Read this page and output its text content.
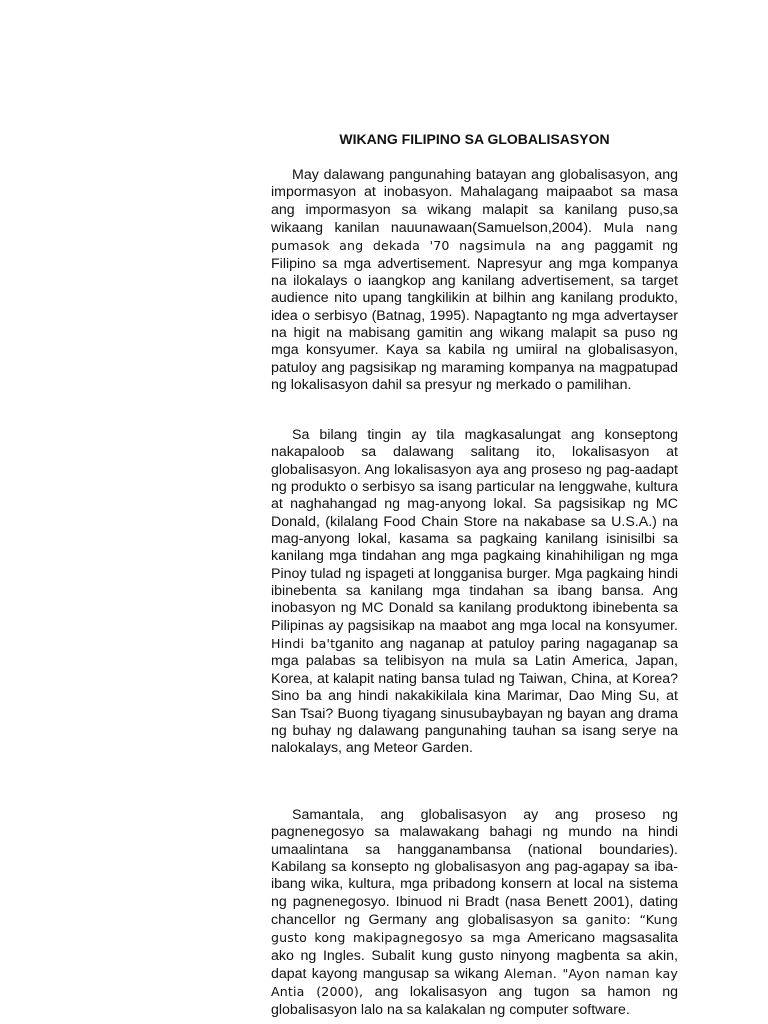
WIKANG FILIPINO SA GLOBALISASYON

May dalawang pangunahing batayan ang globalisasyon, ang impormasyon at inobasyon. Mahalagang maipaabot sa masa ang impormasyon sa wikang malapit sa kanilang puso,sa wikaang kanilan nauunawaan(Samuelson,2004). Mula nang pumasok ang dekada '70 nagsimula na ang paggamit ng Filipino sa mga advertisement. Napresyur ang mga kompanya na ilokalays o iaangkop ang kanilang advertisement, sa target audience nito upang tangkilikin at bilhin ang kanilang produkto, idea o serbisyo (Batnag, 1995). Napagtanto ng mga advertayser na higit na mabisang gamitin ang wikang malapit sa puso ng mga konsyumer. Kaya sa kabila ng umiiral na globalisasyon, patuloy ang pagsisikap ng maraming kompanya na magpatupad ng lokalisasyon dahil sa presyur ng merkado o pamilihan.

Sa bilang tingin ay tila magkasalungat ang konseptong nakapaloob sa dalawang salitang ito, lokalisasyon at globalisasyon. Ang lokalisasyon aya ang proseso ng pag-aadapt ng produkto o serbisyo sa isang particular na lenggwahe, kultura at naghahangad ng mag-anyong lokal. Sa pagsisikap ng MC Donald, (kilalang Food Chain Store na nakabase sa U.S.A.) na mag-anyong lokal, kasama sa pagkaing kanilang isinisilbi sa kanilang mga tindahan ang mga pagkaing kinahihiligan ng mga Pinoy tulad ng ispageti at longganisa burger. Mga pagkaing hindi ibinebenta sa kanilang mga tindahan sa ibang bansa. Ang inobasyon ng MC Donald sa kanilang produktong ibinebenta sa Pilipinas ay pagsisikap na maabot ang mga local na konsyumer. Hindi ba'tganito ang naganap at patuloy paring nagaganap sa mga palabas sa telibisyon na mula sa Latin America, Japan, Korea, at kalapit nating bansa tulad ng Taiwan, China, at Korea? Sino ba ang hindi nakakikilala kina Marimar, Dao Ming Su, at San Tsai? Buong tiyagang sinusubaybayan ng bayan ang drama ng buhay ng dalawang pangunahing tauhan sa isang serye na nalokalays, ang Meteor Garden.

Samantala, ang globalisasyon ay ang proseso ng pagnenegosyo sa malawakang bahagi ng mundo na hindi umaalintana sa hangganambansa (national boundaries). Kabilang sa konsepto ng globalisasyon ang pag-agapay sa iba-ibang wika, kultura, mga pribadong konsern at local na sistema ng pagnenegosyo. Ibinuod ni Bradt (nasa Benett 2001), dating chancellor ng Germany ang globalisasyon sa ganito: “Kung gusto kong makipagnegosyo sa mga Americano magsasalita ako ng Ingles. Subalit kung gusto ninyong magbenta sa akin, dapat kayong mangusap sa wikang Aleman. "Ayon naman kay Antia (2000), ang lokalisasyon ang tugon sa hamon ng globalisasyon lalo na sa kalakalan ng computer software.
